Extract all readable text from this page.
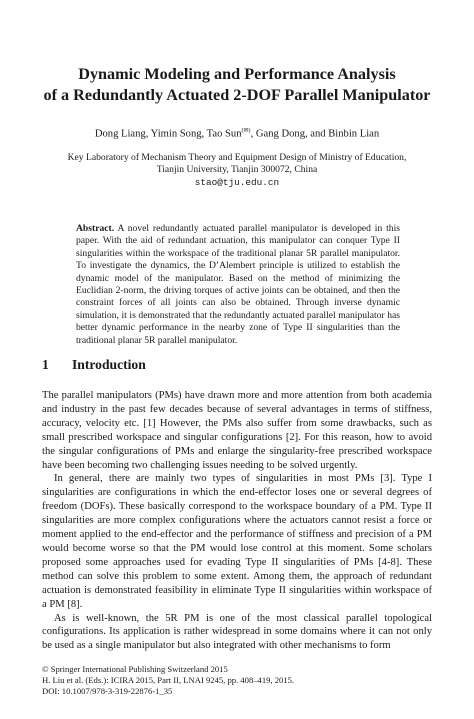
Dynamic Modeling and Performance Analysis
of a Redundantly Actuated 2-DOF Parallel Manipulator
Dong Liang, Yimin Song, Tao Sun(✉), Gang Dong, and Binbin Lian
Key Laboratory of Mechanism Theory and Equipment Design of Ministry of Education,
Tianjin University, Tianjin 300072, China
stao@tju.edu.cn
Abstract. A novel redundantly actuated parallel manipulator is developed in this paper. With the aid of redundant actuation, this manipulator can conquer Type II singularities within the workspace of the traditional planar 5R parallel manipulator. To investigate the dynamics, the D’Alembert principle is utilized to establish the dynamic model of the manipulator. Based on the method of minimizing the Euclidian 2-norm, the driving torques of active joints can be obtained, and then the constraint forces of all joints can also be obtained. Through inverse dynamic simulation, it is demonstrated that the redundantly actuated parallel manipulator has better dynamic performance in the nearby zone of Type II singularities than the traditional planar 5R parallel manipulator.
1 Introduction

The parallel manipulators (PMs) have drawn more and more attention from both academia and industry in the past few decades because of several advantages in terms of stiffness, accuracy, velocity etc. [1] However, the PMs also suffer from some drawbacks, such as small prescribed workspace and singular configurations [2]. For this reason, how to avoid the singular configurations of PMs and enlarge the singularity-free prescribed workspace have been becoming two challenging issues needing to be solved urgently.

In general, there are mainly two types of singularities in most PMs [3]. Type I singularities are configurations in which the end-effector loses one or several degrees of freedom (DOFs). These basically correspond to the workspace boundary of a PM. Type II singularities are more complex configurations where the actuators cannot resist a force or moment applied to the end-effector and the performance of stiffness and precision of a PM would become worse so that the PM would lose control at this moment. Some scholars proposed some approaches used for evading Type II singularities of PMs [4-8]. These method can solve this problem to some extent. Among them, the approach of redundant actuation is demonstrated feasibility in eliminate Type II singularities within workspace of a PM [8].

As is well-known, the 5R PM is one of the most classical parallel topological configurations. Its application is rather widespread in some domains where it can not only be used as a single manipulator but also integrated with other mechanisms to form

© Springer International Publishing Switzerland 2015
H. Liu et al. (Eds.): ICIRA 2015, Part II, LNAI 9245, pp. 408–419, 2015.
DOI: 10.1007/978-3-319-22876-1_35
